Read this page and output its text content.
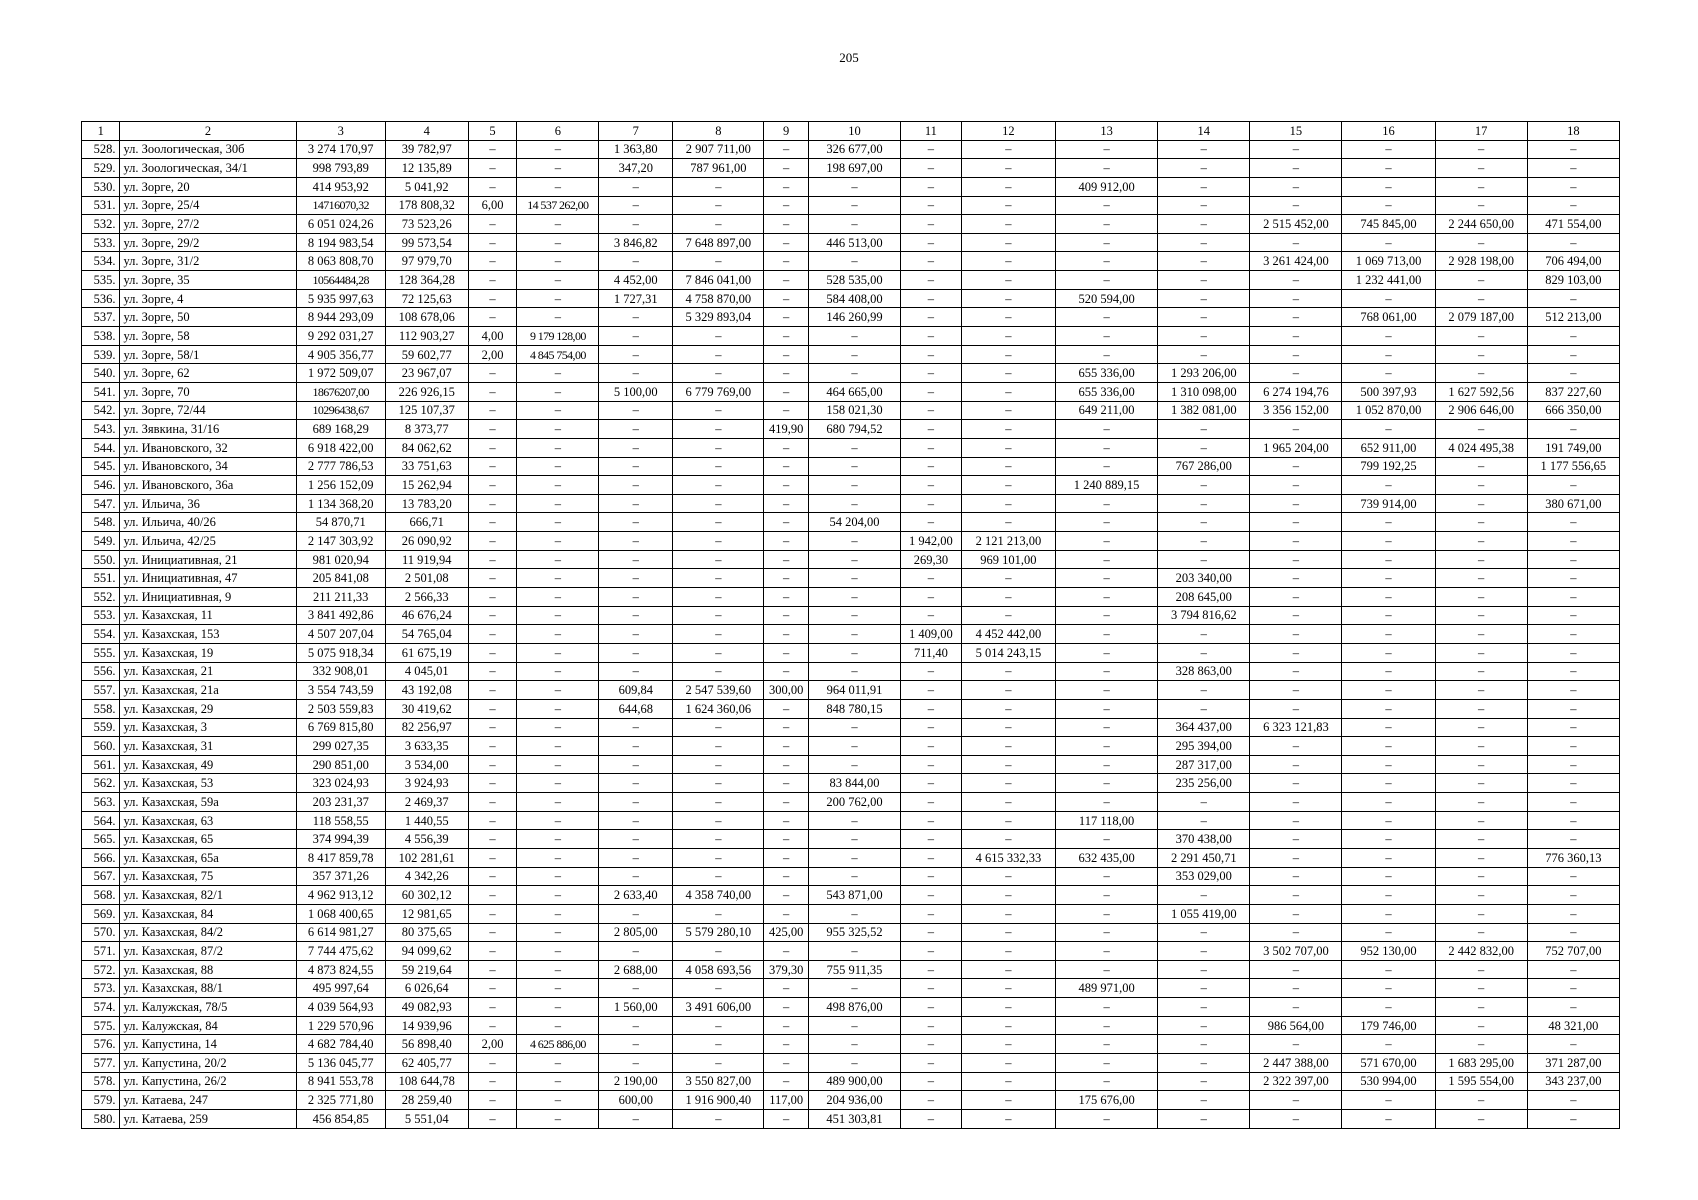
205
1	2	3	4	5	6	7	8	9	10	11	12	13	14	15	16	17	18
528.	ул. Зоологическая, 30б	3 274 170,97	39 782,97	–	–	1 363,80	2 907 711,00	–	326 677,00	–	–	–	–	–	–	–	–
529.	ул. Зоологическая, 34/1	998 793,89	12 135,89	–	–	347,20	787 961,00	–	198 697,00	–	–	–	–	–	–	–	–
530.	ул. Зорге, 20	414 953,92	5 041,92	–	–	–	–	–	–	–	–	409 912,00	–	–	–	–	–
531.	ул. Зорге, 25/4	14716070,32	178 808,32	6,00	14 537 262,00	–	–	–	–	–	–	–	–	–	–	–	–
532.	ул. Зорге, 27/2	6 051 024,26	73 523,26	–	–	–	–	–	–	–	–	–	–	2 515 452,00	745 845,00	2 244 650,00	471 554,00
533.	ул. Зорге, 29/2	8 194 983,54	99 573,54	–	–	3 846,82	7 648 897,00	–	446 513,00	–	–	–	–	–	–	–	–
534.	ул. Зорге, 31/2	8 063 808,70	97 979,70	–	–	–	–	–	–	–	–	–	–	3 261 424,00	1 069 713,00	2 928 198,00	706 494,00
535.	ул. Зорге, 35	10564484,28	128 364,28	–	–	4 452,00	7 846 041,00	–	528 535,00	–	–	–	–	–	1 232 441,00	–	829 103,00
536.	ул. Зорге, 4	5 935 997,63	72 125,63	–	–	1 727,31	4 758 870,00	–	584 408,00	–	–	520 594,00	–	–	–	–	–
537.	ул. Зорге, 50	8 944 293,09	108 678,06	–	–	–	5 329 893,04	–	146 260,99	–	–	–	–	–	768 061,00	2 079 187,00	512 213,00
538.	ул. Зорге, 58	9 292 031,27	112 903,27	4,00	9 179 128,00	–	–	–	–	–	–	–	–	–	–	–	–
539.	ул. Зорге, 58/1	4 905 356,77	59 602,77	2,00	4 845 754,00	–	–	–	–	–	–	–	–	–	–	–	–
540.	ул. Зорге, 62	1 972 509,07	23 967,07	–	–	–	–	–	–	–	–	655 336,00	1 293 206,00	–	–	–	–
541.	ул. Зорге, 70	18676207,00	226 926,15	–	–	5 100,00	6 779 769,00	–	464 665,00	–	–	655 336,00	1 310 098,00	6 274 194,76	500 397,93	1 627 592,56	837 227,60
542.	ул. Зорге, 72/44	10296438,67	125 107,37	–	–	–	–	–	158 021,30	–	–	649 211,00	1 382 081,00	3 356 152,00	1 052 870,00	2 906 646,00	666 350,00
543.	ул. Зявкина, 31/16	689 168,29	8 373,77	–	–	–	–	419,90	680 794,52	–	–	–	–	–	–	–	–
544.	ул. Ивановского, 32	6 918 422,00	84 062,62	–	–	–	–	–	–	–	–	–	–	1 965 204,00	652 911,00	4 024 495,38	191 749,00
545.	ул. Ивановского, 34	2 777 786,53	33 751,63	–	–	–	–	–	–	–	–	–	767 286,00	–	799 192,25	–	1 177 556,65
546.	ул. Ивановского, 36а	1 256 152,09	15 262,94	–	–	–	–	–	–	–	–	1 240 889,15	–	–	–	–	–
547.	ул. Ильича, 36	1 134 368,20	13 783,20	–	–	–	–	–	–	–	–	–	–	–	739 914,00	–	380 671,00
548.	ул. Ильича, 40/26	54 870,71	666,71	–	–	–	–	–	54 204,00	–	–	–	–	–	–	–	–
549.	ул. Ильича, 42/25	2 147 303,92	26 090,92	–	–	–	–	–	–	1 942,00	2 121 213,00	–	–	–	–	–	–
550.	ул. Инициативная, 21	981 020,94	11 919,94	–	–	–	–	–	–	269,30	969 101,00	–	–	–	–	–	–
551.	ул. Инициативная, 47	205 841,08	2 501,08	–	–	–	–	–	–	–	–	–	203 340,00	–	–	–	–
552.	ул. Инициативная, 9	211 211,33	2 566,33	–	–	–	–	–	–	–	–	–	208 645,00	–	–	–	–
553.	ул. Казахская, 11	3 841 492,86	46 676,24	–	–	–	–	–	–	–	–	–	3 794 816,62	–	–	–	–
554.	ул. Казахская, 153	4 507 207,04	54 765,04	–	–	–	–	–	–	1 409,00	4 452 442,00	–	–	–	–	–	–
555.	ул. Казахская, 19	5 075 918,34	61 675,19	–	–	–	–	–	–	711,40	5 014 243,15	–	–	–	–	–	–
556.	ул. Казахская, 21	332 908,01	4 045,01	–	–	–	–	–	–	–	–	–	328 863,00	–	–	–	–
557.	ул. Казахская, 21а	3 554 743,59	43 192,08	–	–	609,84	2 547 539,60	300,00	964 011,91	–	–	–	–	–	–	–	–
558.	ул. Казахская, 29	2 503 559,83	30 419,62	–	–	644,68	1 624 360,06	–	848 780,15	–	–	–	–	–	–	–	–
559.	ул. Казахская, 3	6 769 815,80	82 256,97	–	–	–	–	–	–	–	–	–	364 437,00	6 323 121,83	–	–	–
560.	ул. Казахская, 31	299 027,35	3 633,35	–	–	–	–	–	–	–	–	–	295 394,00	–	–	–	–
561.	ул. Казахская, 49	290 851,00	3 534,00	–	–	–	–	–	–	–	–	–	287 317,00	–	–	–	–
562.	ул. Казахская, 53	323 024,93	3 924,93	–	–	–	–	–	83 844,00	–	–	–	235 256,00	–	–	–	–
563.	ул. Казахская, 59а	203 231,37	2 469,37	–	–	–	–	–	200 762,00	–	–	–	–	–	–	–	–
564.	ул. Казахская, 63	118 558,55	1 440,55	–	–	–	–	–	–	–	–	117 118,00	–	–	–	–	–
565.	ул. Казахская, 65	374 994,39	4 556,39	–	–	–	–	–	–	–	–	–	370 438,00	–	–	–	–
566.	ул. Казахская, 65а	8 417 859,78	102 281,61	–	–	–	–	–	–	–	4 615 332,33	632 435,00	2 291 450,71	–	–	–	776 360,13
567.	ул. Казахская, 75	357 371,26	4 342,26	–	–	–	–	–	–	–	–	–	353 029,00	–	–	–	–
568.	ул. Казахская, 82/1	4 962 913,12	60 302,12	–	–	2 633,40	4 358 740,00	–	543 871,00	–	–	–	–	–	–	–	–
569.	ул. Казахская, 84	1 068 400,65	12 981,65	–	–	–	–	–	–	–	–	–	1 055 419,00	–	–	–	–
570.	ул. Казахская, 84/2	6 614 981,27	80 375,65	–	–	2 805,00	5 579 280,10	425,00	955 325,52	–	–	–	–	–	–	–	–
571.	ул. Казахская, 87/2	7 744 475,62	94 099,62	–	–	–	–	–	–	–	–	–	–	3 502 707,00	952 130,00	2 442 832,00	752 707,00
572.	ул. Казахская, 88	4 873 824,55	59 219,64	–	–	2 688,00	4 058 693,56	379,30	755 911,35	–	–	–	–	–	–	–	–
573.	ул. Казахская, 88/1	495 997,64	6 026,64	–	–	–	–	–	–	–	–	489 971,00	–	–	–	–	–
574.	ул. Калужская, 78/5	4 039 564,93	49 082,93	–	–	1 560,00	3 491 606,00	–	498 876,00	–	–	–	–	–	–	–	–
575.	ул. Калужская, 84	1 229 570,96	14 939,96	–	–	–	–	–	–	–	–	–	–	986 564,00	179 746,00	–	48 321,00
576.	ул. Капустина, 14	4 682 784,40	56 898,40	2,00	4 625 886,00	–	–	–	–	–	–	–	–	–	–	–	–
577.	ул. Капустина, 20/2	5 136 045,77	62 405,77	–	–	–	–	–	–	–	–	–	–	2 447 388,00	571 670,00	1 683 295,00	371 287,00
578.	ул. Капустина, 26/2	8 941 553,78	108 644,78	–	–	2 190,00	3 550 827,00	–	489 900,00	–	–	–	–	2 322 397,00	530 994,00	1 595 554,00	343 237,00
579.	ул. Катаева, 247	2 325 771,80	28 259,40	–	–	600,00	1 916 900,40	117,00	204 936,00	–	–	175 676,00	–	–	–	–	–
580.	ул. Катаева, 259	456 854,85	5 551,04	–	–	–	–	–	451 303,81	–	–	–	–	–	–	–	–
